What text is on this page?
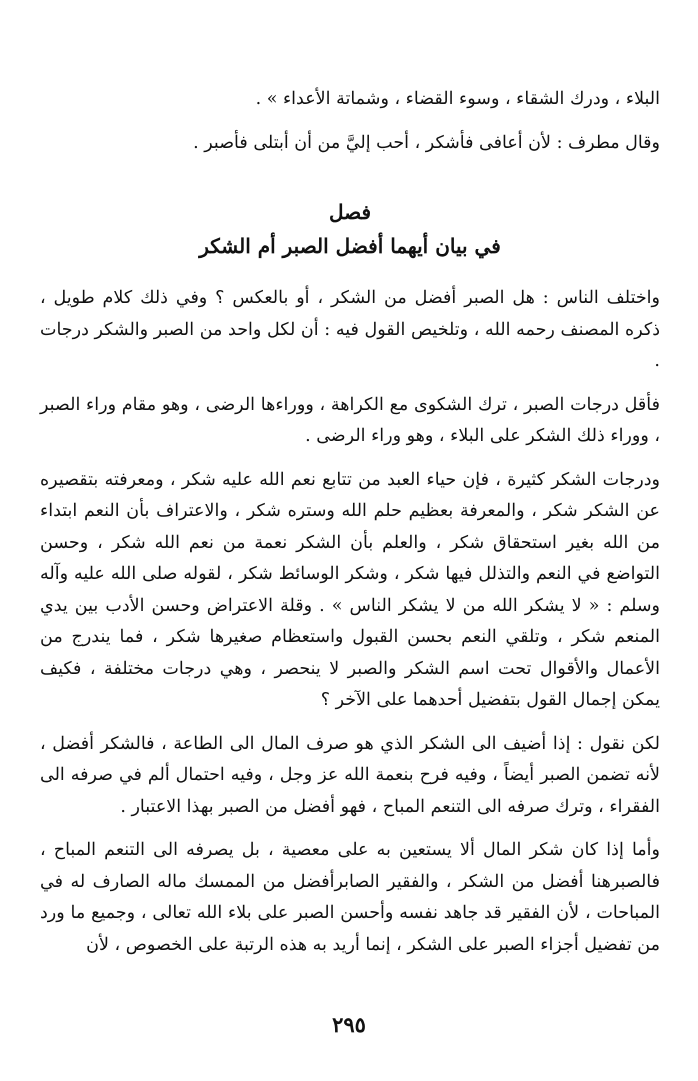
البلاء ، ودرك الشقاء ، وسوء القضاء ، وشماتة الأعداء » .

وقال مطرف : لأن أعافى فأشكر ، أحب إليَّ من أن أبتلى فأصبر .

فصل

في بيان أيهما أفضل الصبر أم الشكر

واختلف الناس : هل الصبر أفضل من الشكر ، أو بالعكس ؟ وفي ذلك كلام طويل ، ذكره المصنف رحمه الله ، وتلخيص القول فيه : أن لكل واحد من الصبر والشكر درجات .

فأقل درجات الصبر ، ترك الشكوى مع الكراهة ، ووراءها الرضى ، وهو مقام وراء الصبر ، ووراء ذلك الشكر على البلاء ، وهو وراء الرضى .

ودرجات الشكر كثيرة ، فإن حياء العبد من تتابع نعم الله عليه شكر ، ومعرفته بتقصيره عن الشكر شكر ، والمعرفة بعظيم حلم الله وستره شكر ، والاعتراف بأن النعم ابتداء من الله بغير استحقاق شكر ، والعلم بأن الشكر نعمة من نعم الله شكر ، وحسن التواضع في النعم والتذلل فيها شكر ، وشكر الوسائط شكر ، لقوله صلى الله عليه وآله وسلم : « لا يشكر الله من لا يشكر الناس » . وقلة الاعتراض وحسن الأدب بين يدي المنعم شكر ، وتلقي النعم بحسن القبول واستعظام صغيرها شكر ، فما يندرج من الأعمال والأقوال تحت اسم الشكر والصبر لا ينحصر ، وهي درجات مختلفة ، فكيف يمكن إجمال القول بتفضيل أحدهما على الآخر ؟

لكن نقول : إذا أضيف الى الشكر الذي هو صرف المال الى الطاعة ، فالشكر أفضل ، لأنه تضمن الصبر أيضاً ، وفيه فرح بنعمة الله عز وجل ، وفيه احتمال ألم في صرفه الى الفقراء ، وترك صرفه الى التنعم المباح ، فهو أفضل من الصبر بهذا الاعتبار .

وأما إذا كان شكر المال ألا يستعين به على معصية ، بل يصرفه الى التنعم المباح ، فالصبرهنا أفضل من الشكر ، والفقير الصابرأفضل من الممسك ماله الصارف له في المباحات ، لأن الفقير قد جاهد نفسه وأحسن الصبر على بلاء الله تعالى ، وجميع ما ورد من تفضيل أجزاء الصبر على الشكر ، إنما أريد به هذه الرتبة على الخصوص ، لأن

٢٩٥
